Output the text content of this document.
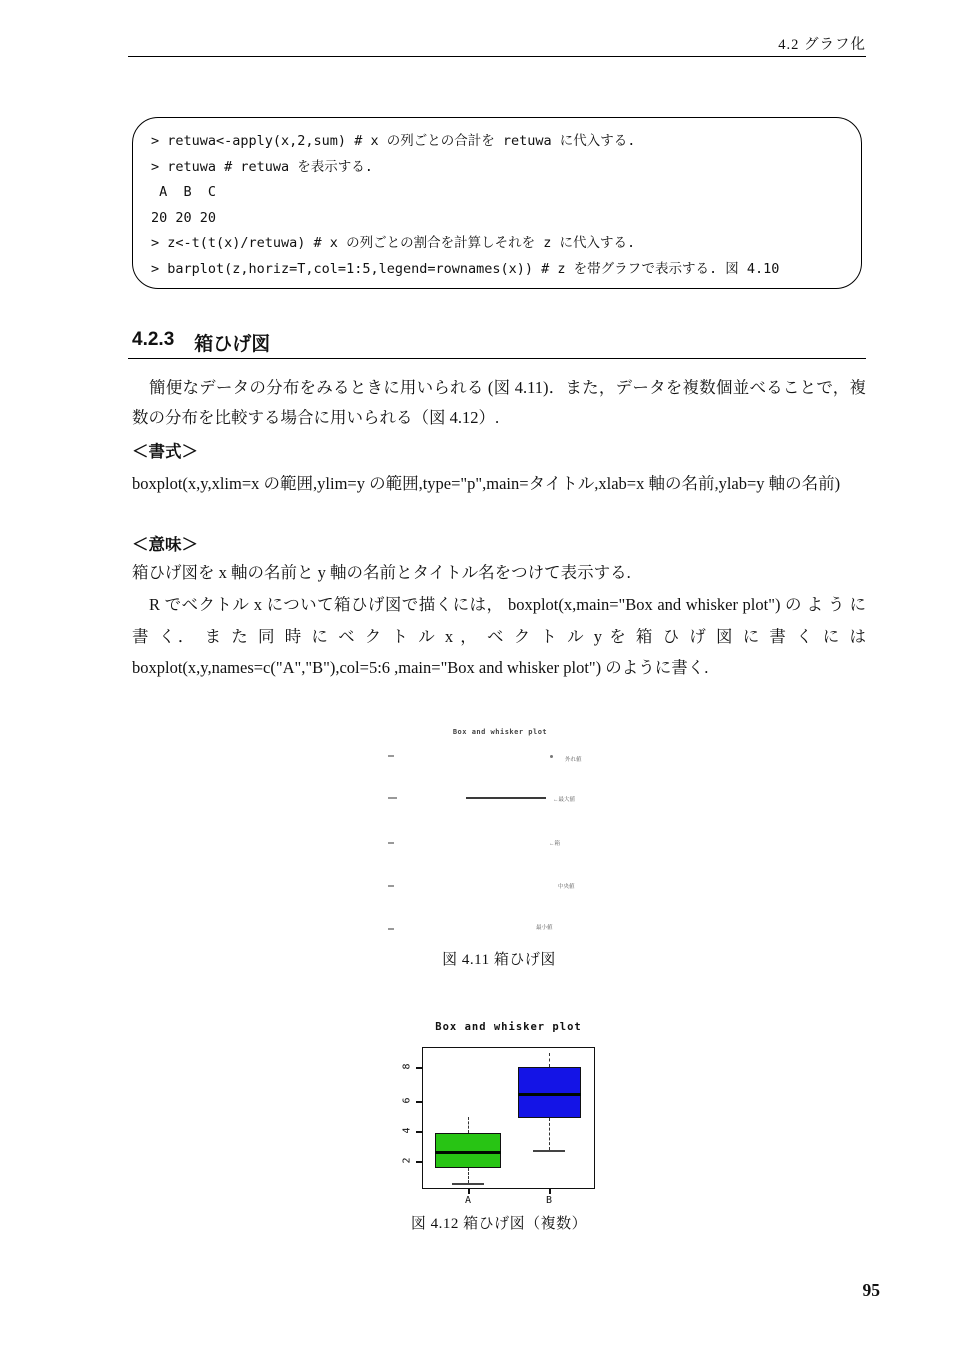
4.2 グラフ化
> retuwa<-apply(x,2,sum) # x の列ごとの合計を retuwa に代入する.
> retuwa # retuwa を表示する.
A  B  C
20 20 20
> z<-t(t(x)/retuwa) # x の列ごとの割合を計算しそれを z に代入する.
> barplot(z,horiz=T,col=1:5,legend=rownames(x)) # z を帯グラフで表示する. 図 4.10
4.2.3 箱ひげ図
簡便なデータの分布をみるときに用いられる (図 4.11)．また，データを複数個並べることで，複数の分布を比較する場合に用いられる（図 4.12）.
＜書式＞
boxplot(x,y,xlim=x の範囲,ylim=y の範囲,type="p",main=タイトル,xlab=x 軸の名前,ylab=y 軸の名前)
＜意味＞
箱ひげ図を x 軸の名前と y 軸の名前とタイトル名をつけて表示する.
R でベクトル x について箱ひげ図で描くには， boxplot(x,main="Box and whisker plot") の よ う に 書 く． ま た 同 時 に ベ ク ト ル x ， ベ ク ト ル y を 箱 ひ げ 図 に 書 く に は boxplot(x,y,names=c("A","B"),col=5:6 ,main="Box and whisker plot") のように書く.
Box and whisker plot
外れ値
←最大値
←箱
中央値
最小値
図 4.11 箱ひげ図
Box and whisker plot
8
6
4
2
A	B
図 4.12 箱ひげ図（複数）
95
